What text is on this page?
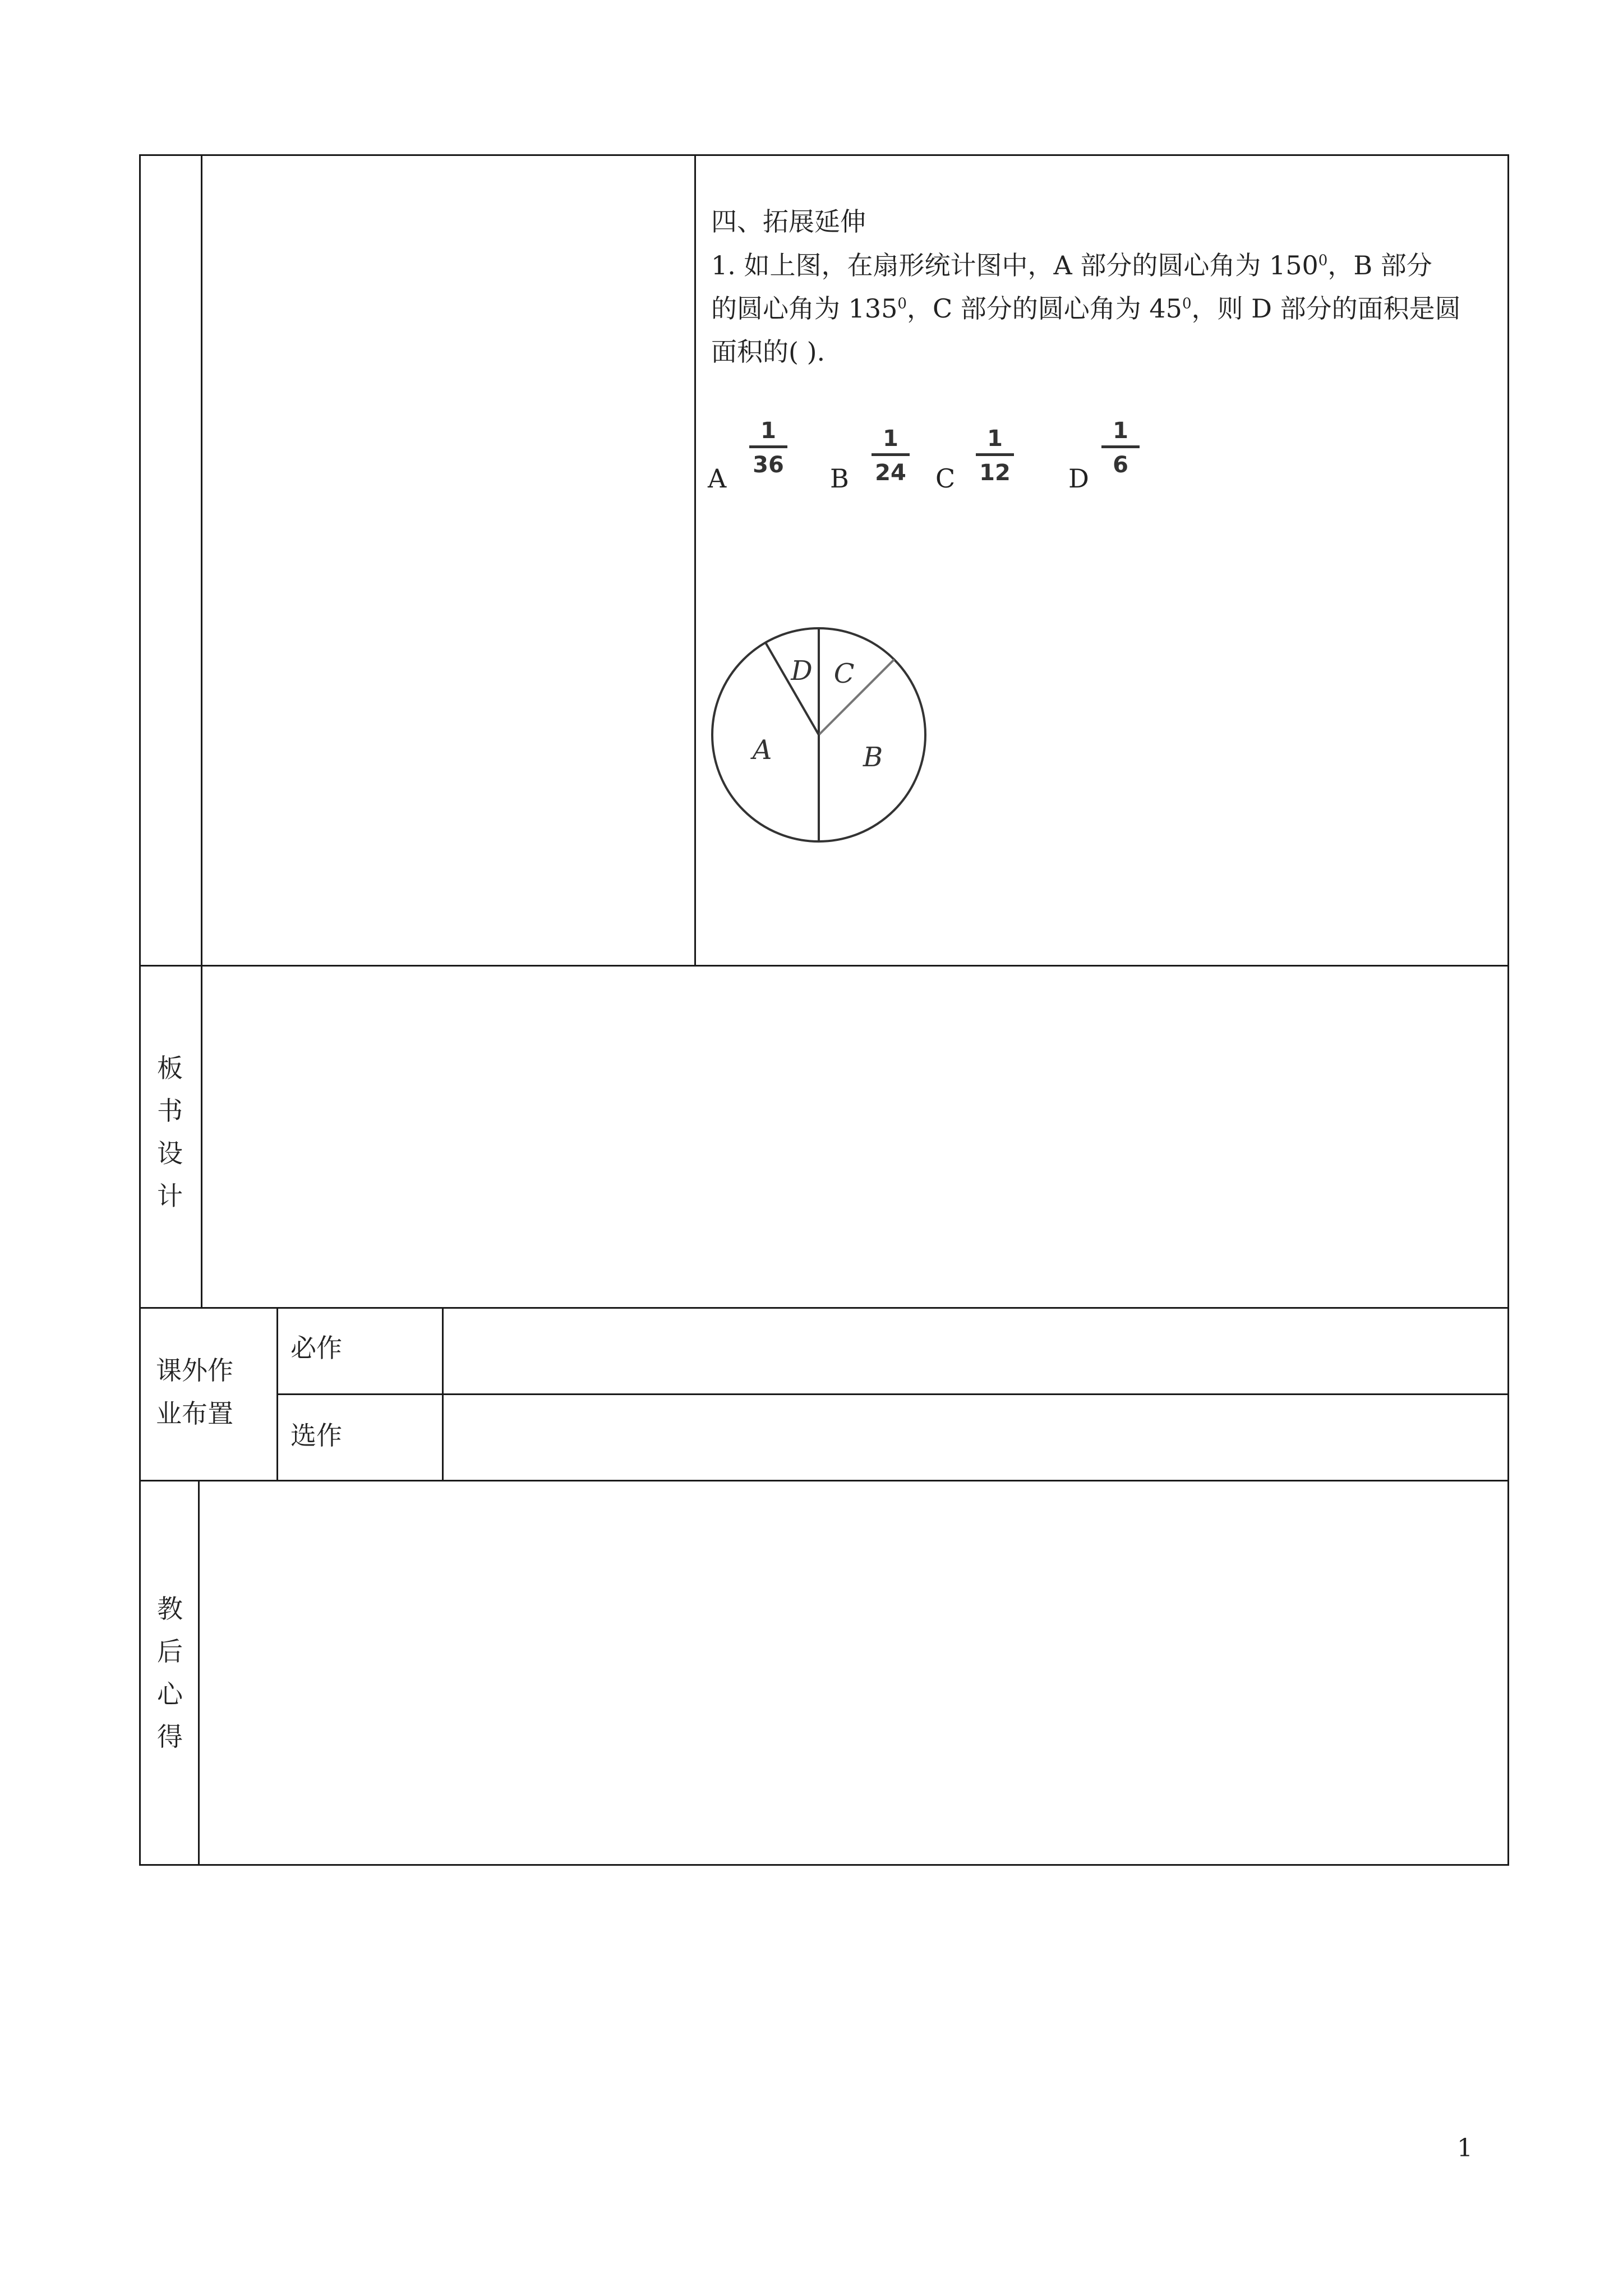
四、拓展延伸
1. 如上图，在扇形统计图中，A 部分的圆心角为 $150^0$，B 部分
的圆心角为 $135^0$，C 部分的圆心角为 $45^0$，则 D 部分的面积是圆
面积的( ).
A
1
36 B
1
24 C
1
12 D
1
6
C
B
A
D
板
书
设
计
课外作
业布置
必作
选作
教
后
心
得
1
